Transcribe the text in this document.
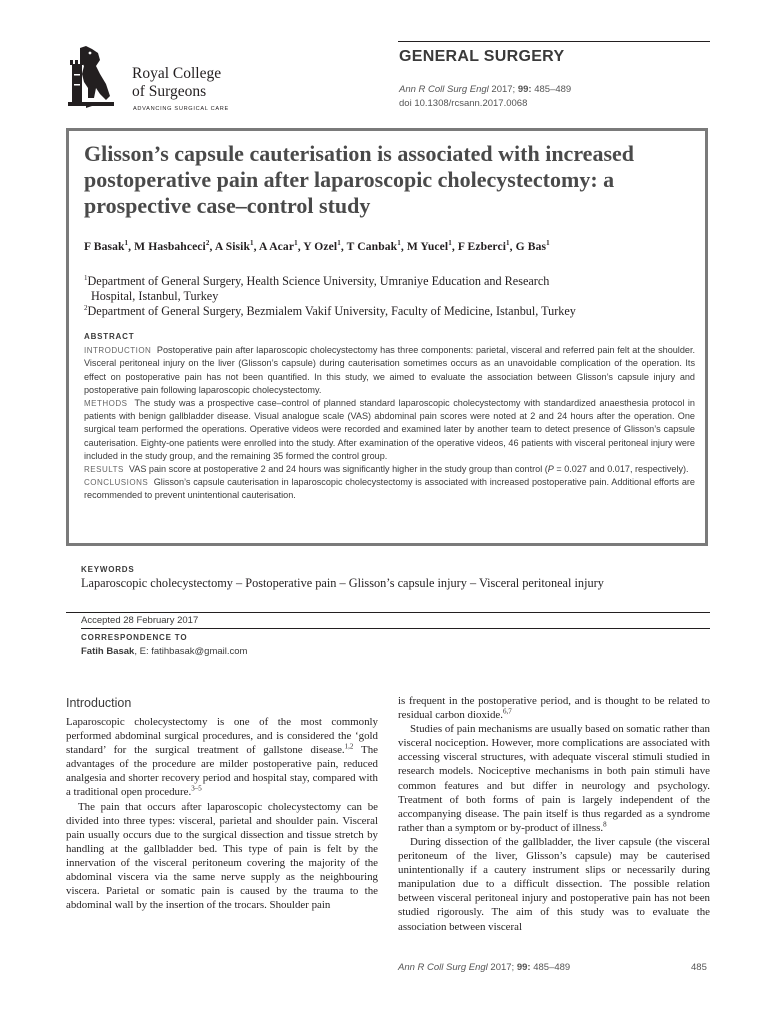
Royal College
of Surgeons
ADVANCING SURGICAL CARE
GENERAL SURGERY
Ann R Coll Surg Engl 2017; 99: 485–489
doi 10.1308/rcsann.2017.0068
Glisson’s capsule cauterisation is associated with increased postoperative pain after laparoscopic cholecystectomy: a prospective case–control study
F Basak$^1$, M Hasbahceci$^2$, A Sisik$^1$, A Acar$^1$, Y Ozel$^1$, T Canbak$^1$, M Yucel$^1$, F Ezberci$^1$, G Bas$^1$
$^1$Department of General Surgery, Health Science University, Umraniye Education and Research
Hospital, Istanbul, Turkey
$^2$Department of General Surgery, Bezmialem Vakif University, Faculty of Medicine, Istanbul, Turkey
ABSTRACT

INTRODUCTION Postoperative pain after laparoscopic cholecystectomy has three components: parietal, visceral and referred pain felt at the shoulder. Visceral peritoneal injury on the liver (Glisson’s capsule) during cauterisation sometimes occurs as an unavoidable complication of the operation. Its effect on postoperative pain has not been quantified. In this study, we aimed to evaluate the association between Glisson’s capsule injury and postoperative pain following laparoscopic cholecystectomy.

METHODS The study was a prospective case–control of planned standard laparoscopic cholecystectomy with standardized anaesthesia protocol in patients with benign gallbladder disease. Visual analogue scale (VAS) abdominal pain scores were noted at 2 and 24 hours after the operation. One surgical team performed the operations. Operative videos were recorded and examined later by another team to detect presence of Glisson’s capsule cauterisation. Eighty-one patients were enrolled into the study. After examination of the operative videos, 46 patients with visceral peritoneal injury were included in the study group, and the remaining 35 formed the control group.

RESULTS VAS pain score at postoperative 2 and 24 hours was significantly higher in the study group than control (P = 0.027 and 0.017, respectively).

CONCLUSIONS Glisson’s capsule cauterisation in laparoscopic cholecystectomy is associated with increased postoperative pain. Additional efforts are recommended to prevent unintentional cauterisation.

KEYWORDS
Laparoscopic cholecystectomy – Postoperative pain – Glisson’s capsule injury – Visceral peritoneal injury
Accepted 28 February 2017
CORRESPONDENCE TO
Fatih Basak, E: fatihbasak@gmail.com
Introduction

Laparoscopic cholecystectomy is one of the most commonly performed abdominal surgical procedures, and is considered the ‘gold standard’ for the surgical treatment of gallstone disease.$^{1,2}$ The advantages of the procedure are milder postoperative pain, reduced analgesia and shorter recovery period and hospital stay, compared with a traditional open procedure.$^{3-5}$

The pain that occurs after laparoscopic cholecystectomy can be divided into three types: visceral, parietal and shoulder pain. Visceral pain usually occurs due to the surgical dissection and tissue stretch by handling at the gallbladder bed. This type of pain is felt by the innervation of the visceral peritoneum covering the majority of the abdominal viscera via the same nerve supply as the neighbouring viscera. Parietal or somatic pain is caused by the trauma to the abdominal wall by the insertion of the trocars. Shoulder pain

is frequent in the postoperative period, and is thought to be related to residual carbon dioxide.$^{6,7}$

Studies of pain mechanisms are usually based on somatic rather than visceral nociception. However, more complications are associated with accessing visceral structures, with adequate visceral stimuli studied in research models. Nociceptive mechanisms in both pain stimuli have common features and but differ in neurology and psychology. Treatment of both forms of pain is largely independent of the accompanying disease. The pain itself is thus regarded as a syndrome rather than a symptom or by-product of illness.$^8$

During dissection of the gallbladder, the liver capsule (the visceral peritoneum of the liver, Glisson’s capsule) may be cauterised unintentionally if a cautery instrument slips or necessarily during manipulation due to a difficult dissection. The possible relation between visceral peritoneal injury and postoperative pain has not been studied rigorously. The aim of this study was to evaluate the association between visceral

Ann R Coll Surg Engl 2017; 99: 485–489	485
